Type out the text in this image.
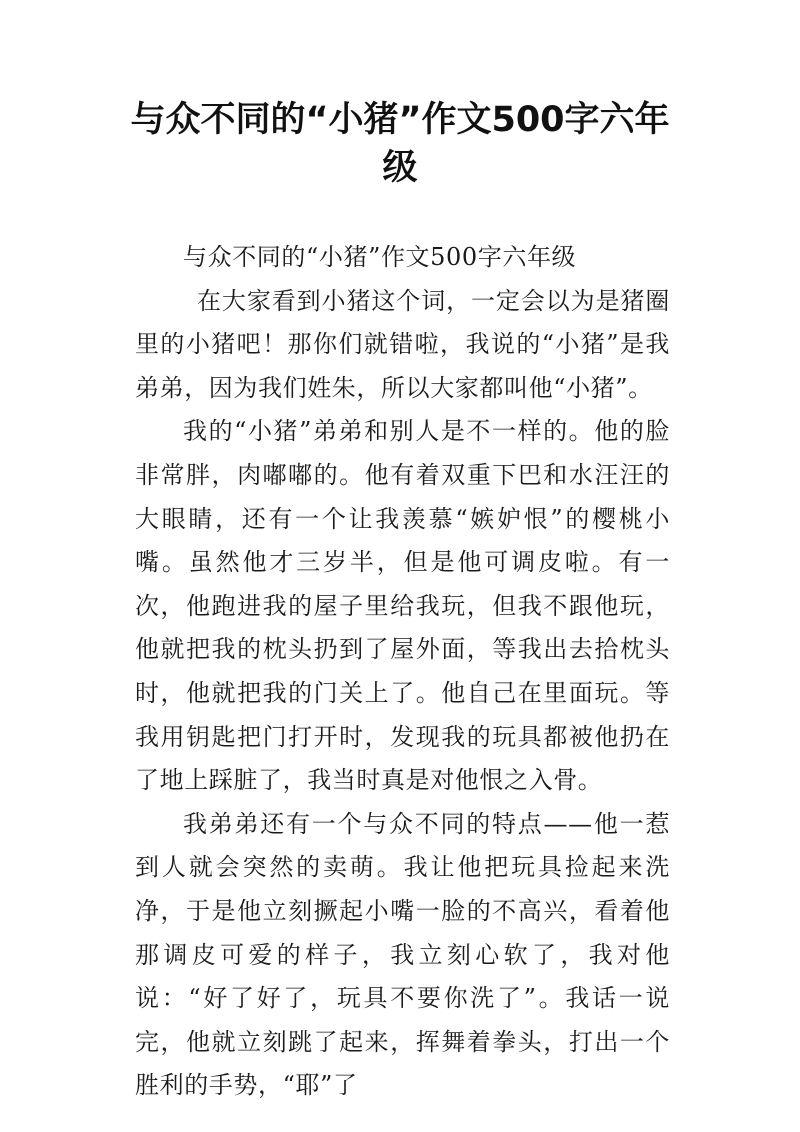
与众不同的“小猪”作文500字六年级

与众不同的“小猪”作文500字六年级

在大家看到小猪这个词，一定会以为是猪圈里的小猪吧！那你们就错啦，我说的“小猪”是我弟弟，因为我们姓朱，所以大家都叫他“小猪”。

我的“小猪”弟弟和别人是不一样的。他的脸非常胖，肉嘟嘟的。他有着双重下巴和水汪汪的大眼睛，还有一个让我羡慕“嫉妒恨”的樱桃小嘴。虽然他才三岁半，但是他可调皮啦。有一次，他跑进我的屋子里给我玩，但我不跟他玩，他就把我的枕头扔到了屋外面，等我出去拾枕头时，他就把我的门关上了。他自己在里面玩。等我用钥匙把门打开时，发现我的玩具都被他扔在了地上踩脏了，我当时真是对他恨之入骨。

我弟弟还有一个与众不同的特点——他一惹到人就会突然的卖萌。我让他把玩具捡起来洗净，于是他立刻撅起小嘴一脸的不高兴，看着他那调皮可爱的样子，我立刻心软了，我对他说：“好了好了，玩具不要你洗了”。我话一说完，他就立刻跳了起来，挥舞着拳头，打出一个胜利的手势，“耶”了
